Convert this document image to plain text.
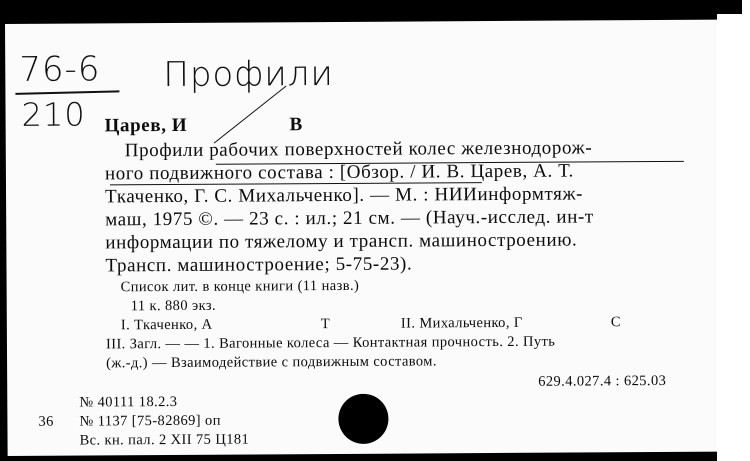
76-6
210
Профили
Царев, И	В
Профили рабочих поверхностей колес железнодорож-
ного подвижного состава : [Обзор. / И. В. Царев, А. Т.
Ткаченко, Г. С. Михальченко]. — М. : НИИинформтяж-
маш, 1975 ©. — 23 с. : ил.; 21 см. — (Науч.-исслед. ин-т
информации по тяжелому и трансп. машиностроению.
Трансп. машиностроение; 5-75-23).
Список лит. в конце книги (11 назв.)
11 к. 880 экз.
I. Ткаченко, А	Т	II. Михальченко, Г	С
III. Загл. — — 1. Вагонные колеса — Контактная прочность. 2. Путь
(ж.-д.) — Взаимодействие с подвижным составом.
629.4.027.4 : 625.03
№ 40111 18.2.3
36 № 1137 [75-82869] оп
Вс. кн. пал. 2 XII 75 Ц181
